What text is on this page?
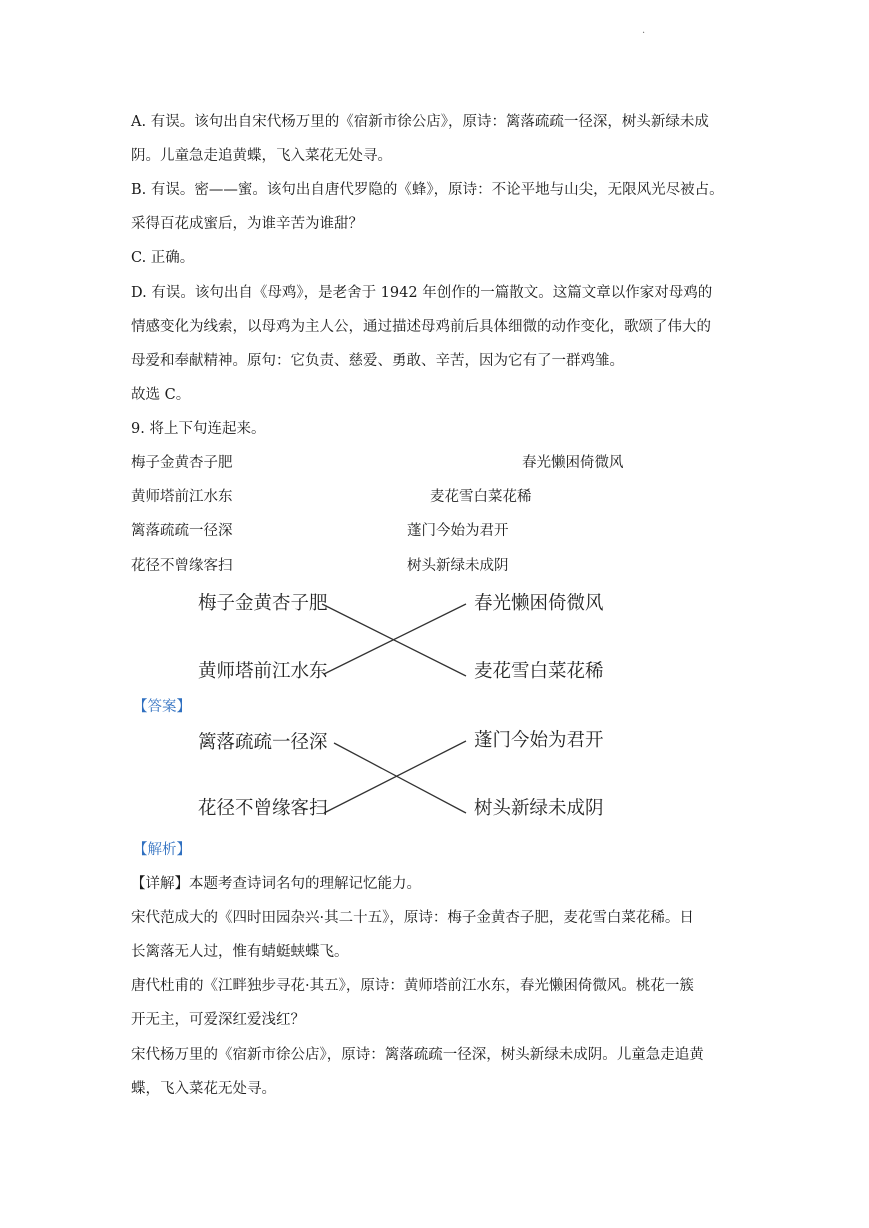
·
A. 有误。该句出自宋代杨万里的《宿新市徐公店》，原诗：篱落疏疏一径深，树头新绿未成
阴。儿童急走追黄蝶，飞入菜花无处寻。
B. 有误。密——蜜。该句出自唐代罗隐的《蜂》，原诗：不论平地与山尖，无限风光尽被占。
采得百花成蜜后，为谁辛苦为谁甜？
C. 正确。
D. 有误。该句出自《母鸡》，是老舍于 1942 年创作的一篇散文。这篇文章以作家对母鸡的
情感变化为线索，以母鸡为主人公，通过描述母鸡前后具体细微的动作变化，歌颂了伟大的
母爱和奉献精神。原句：它负责、慈爱、勇敢、辛苦，因为它有了一群鸡雏。
故选 C。
9. 将上下句连起来。
梅子金黄杏子肥	春光懒困倚微风
黄师塔前江水东	麦花雪白菜花稀
篱落疏疏一径深	蓬门今始为君开
花径不曾缘客扫	树头新绿未成阴
梅子金黄杏子肥
黄师塔前江水东
春光懒困倚微风
麦花雪白菜花稀
【答案】
篱落疏疏一径深
花径不曾缘客扫
蓬门今始为君开
树头新绿未成阴
【解析】
【详解】本题考查诗词名句的理解记忆能力。
宋代范成大的《四时田园杂兴·其二十五》，原诗：梅子金黄杏子肥，麦花雪白菜花稀。日
长篱落无人过，惟有蜻蜓蛱蝶飞。
唐代杜甫的《江畔独步寻花·其五》，原诗：黄师塔前江水东，春光懒困倚微风。桃花一簇
开无主，可爱深红爱浅红？
宋代杨万里的《宿新市徐公店》，原诗：篱落疏疏一径深，树头新绿未成阴。儿童急走追黄
蝶，飞入菜花无处寻。
